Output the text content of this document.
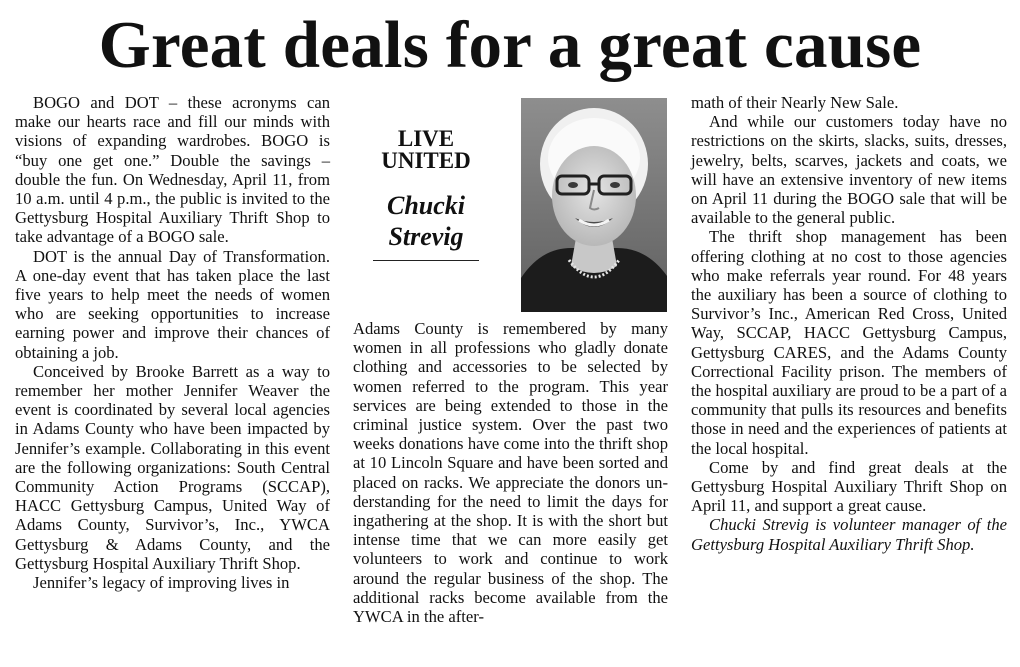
Great deals for a great cause

BOGO and DOT – these acronyms can make our hearts race and fill our minds with visions of expanding wardrobes. BOGO is “buy one get one.” Double the savings – double the fun. On Wednesday, April 11, from 10 a.m. until 4 p.m., the public is invited to the Gettysburg Hospital Auxiliary Thrift Shop to take advantage of a BOGO sale.

DOT is the annual Day of Transformation. A one-day event that has taken place the last five years to help meet the needs of women who are seeking opportunities to increase earning power and improve their chances of obtaining a job.

Conceived by Brooke Barrett as a way to remember her mother Jennifer Weaver the event is coordinated by several local agencies in Adams County who have been impacted by Jennifer’s example. Collaborating in this event are the following organizations: South Central Community Action Programs (SCCAP), HACC Gettysburg Campus, United Way of Adams County, Survivor’s, Inc., YWCA Gettysburg & Adams County, and the Gettysburg Hospital Auxiliary Thrift Shop.

Jennifer’s legacy of improving lives in

LIVE
UNITED
Chucki
Strevig

Adams County is remembered by many women in all professions who gladly donate clothing and accessories to be selected by women referred to the program. This year services are being extended to those in the criminal justice system. Over the past two weeks donations have come into the thrift shop at 10 Lincoln Square and have been sorted and placed on racks. We appreciate the donors understanding for the need to limit the days for ingathering at the shop. It is with the short but intense time that we can more easily get volunteers to work and continue to work around the regular business of the shop. The additional racks become available from the YWCA in the after-

math of their Nearly New Sale.

And while our customers today have no restrictions on the skirts, slacks, suits, dresses, jewelry, belts, scarves, jackets and coats, we will have an extensive inventory of new items on April 11 during the BOGO sale that will be available to the general public.

The thrift shop management has been offering clothing at no cost to those agencies who make referrals year round. For 48 years the auxiliary has been a source of clothing to Survivor’s Inc., American Red Cross, United Way, SCCAP, HACC Gettysburg Campus, Gettysburg CARES, and the Adams County Correctional Facility prison. The members of the hospital auxiliary are proud to be a part of a community that pulls its resources and benefits those in need and the experiences of patients at the local hospital.

Come by and find great deals at the Gettysburg Hospital Auxiliary Thrift Shop on April 11, and support a great cause.

Chucki Strevig is volunteer manager of the Gettysburg Hospital Auxiliary Thrift Shop.
